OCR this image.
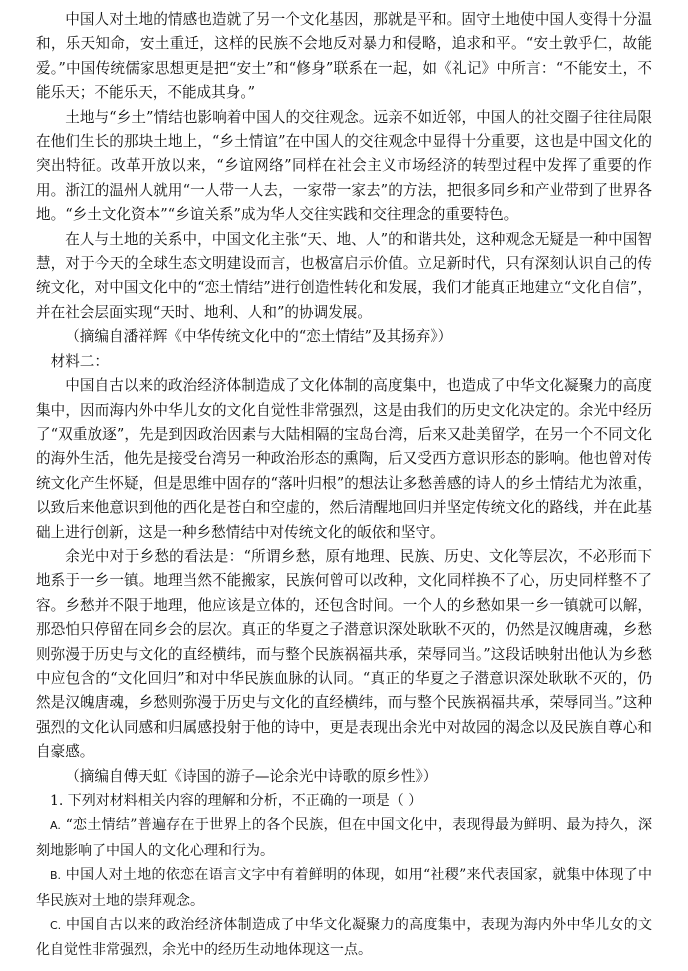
中国人对土地的情感也造就了另一个文化基因，那就是平和。固守土地使中国人变得十分温和，乐天知命，安土重迁，这样的民族不会地反对暴力和侵略，追求和平。“安土敦乎仁，故能爱。”中国传统儒家思想更是把“安土”和“修身”联系在一起，如《礼记》中所言：“不能安土，不能乐天；不能乐天，不能成其身。”

土地与“乡土”情结也影响着中国人的交往观念。远亲不如近邻，中国人的社交圈子往往局限在他们生长的那块土地上，“乡土情谊”在中国人的交往观念中显得十分重要，这也是中国文化的突出特征。改革开放以来，“乡谊网络”同样在社会主义市场经济的转型过程中发挥了重要的作用。浙江的温州人就用“一人带一人去，一家带一家去”的方法，把很多同乡和产业带到了世界各地。“乡土文化资本”“乡谊关系”成为华人交往实践和交往理念的重要特色。

在人与土地的关系中，中国文化主张“天、地、人”的和谐共处，这种观念无疑是一种中国智慧，对于今天的全球生态文明建设而言，也极富启示价值。立足新时代，只有深刻认识自己的传统文化，对中国文化中的“恋土情结”进行创造性转化和发展，我们才能真正地建立“文化自信”，并在社会层面实现“天时、地利、人和”的协调发展。

（摘编自潘祥辉《中华传统文化中的“恋土情结”及其扬弃》）

材料二：

中国自古以来的政治经济体制造成了文化体制的高度集中，也造成了中华文化凝聚力的高度集中，因而海内外中华儿女的文化自觉性非常强烈，这是由我们的历史文化决定的。余光中经历了“双重放逐”，先是到因政治因素与大陆相隔的宝岛台湾，后来又赴美留学，在另一个不同文化的海外生活，他先是接受台湾另一种政治形态的熏陶，后又受西方意识形态的影响。他也曾对传统文化产生怀疑，但是思维中固存的“落叶归根”的想法让多愁善感的诗人的乡土情结尤为浓重，以致后来他意识到他的西化是苍白和空虚的，然后清醒地回归并坚定传统文化的路线，并在此基础上进行创新，这是一种乡愁情结中对传统文化的皈依和坚守。

余光中对于乡愁的看法是：“所谓乡愁，原有地理、民族、历史、文化等层次，不必形而下地系于一乡一镇。地理当然不能搬家，民族何曾可以改种，文化同样换不了心，历史同样整不了容。乡愁并不限于地理，他应该是立体的，还包含时间。一个人的乡愁如果一乡一镇就可以解，那恐怕只停留在同乡会的层次。真正的华夏之子潜意识深处耿耿不灭的，仍然是汉魄唐魂，乡愁则弥漫于历史与文化的直经横纬，而与整个民族祸福共承，荣辱同当。”这段话映射出他认为乡愁中应包含的“文化回归”和对中华民族血脉的认同。“真正的华夏之子潜意识深处耿耿不灭的，仍然是汉魄唐魂，乡愁则弥漫于历史与文化的直经横纬，而与整个民族祸福共承，荣辱同当。”这种强烈的文化认同感和归属感投射于他的诗中，更是表现出余光中对故园的渴念以及民族自尊心和自豪感。

（摘编自傅天虹《诗国的游子—论余光中诗歌的原乡性》）

1. 下列对材料相关内容的理解和分析，不正确的一项是（ ）

A. “恋土情结”普遍存在于世界上的各个民族，但在中国文化中，表现得最为鲜明、最为持久，深刻地影响了中国人的文化心理和行为。

B. 中国人对土地的依恋在语言文字中有着鲜明的体现，如用“社稷”来代表国家，就集中体现了中华民族对土地的崇拜观念。

C. 中国自古以来的政治经济体制造成了中华文化凝聚力的高度集中，表现为海内外中华儿女的文化自觉性非常强烈，余光中的经历生动地体现这一点。
